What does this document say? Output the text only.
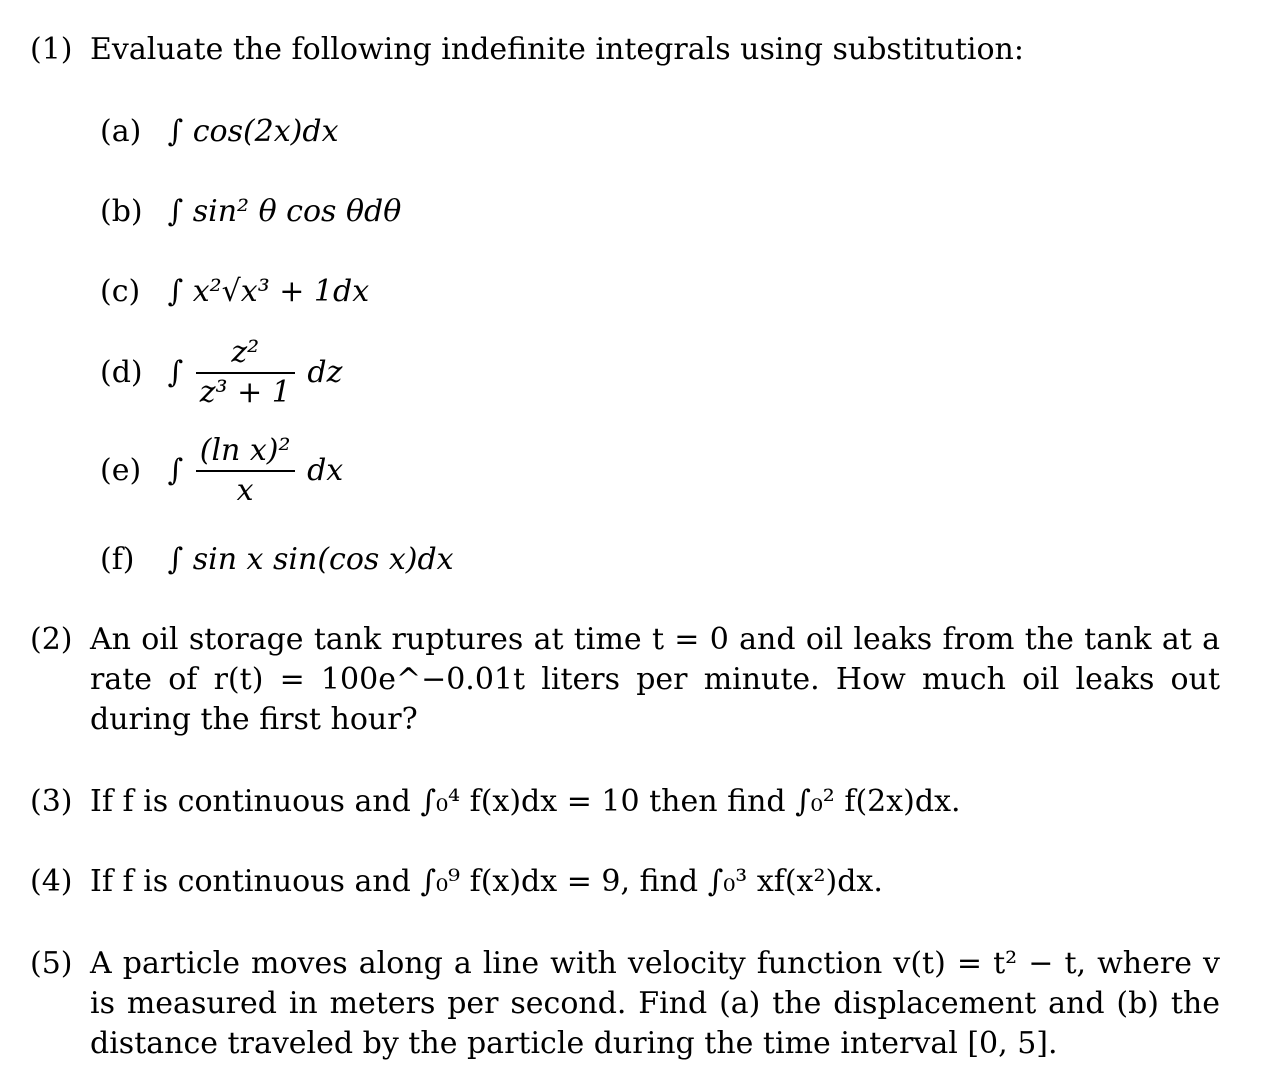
(1) Evaluate the following indefinite integrals using substitution:
(a) ∫ cos(2x)dx
(b) ∫ sin² θ cos θdθ
(c) ∫ x²√x³ + 1dx
(d) ∫ $\frac{\text{z²}}{\text{z³ + 1}}$ dz
(e) ∫ $\frac{\text{(ln x)²}}{x}$ dx
(f) ∫ sin x sin(cos x)dx
(2) An oil storage tank ruptures at time t = 0 and oil leaks from the tank at a rate of r(t) = 100e^−0.01t liters per minute. How much oil leaks out during the first hour?
(3) If f is continuous and ∫₀⁴ f(x)dx = 10 then find ∫₀² f(2x)dx.
(4) If f is continuous and ∫₀⁹ f(x)dx = 9, find ∫₀³ xf(x²)dx.
(5) A particle moves along a line with velocity function v(t) = t² − t, where v is measured in meters per second. Find (a) the displacement and (b) the distance traveled by the particle during the time interval [0, 5].
